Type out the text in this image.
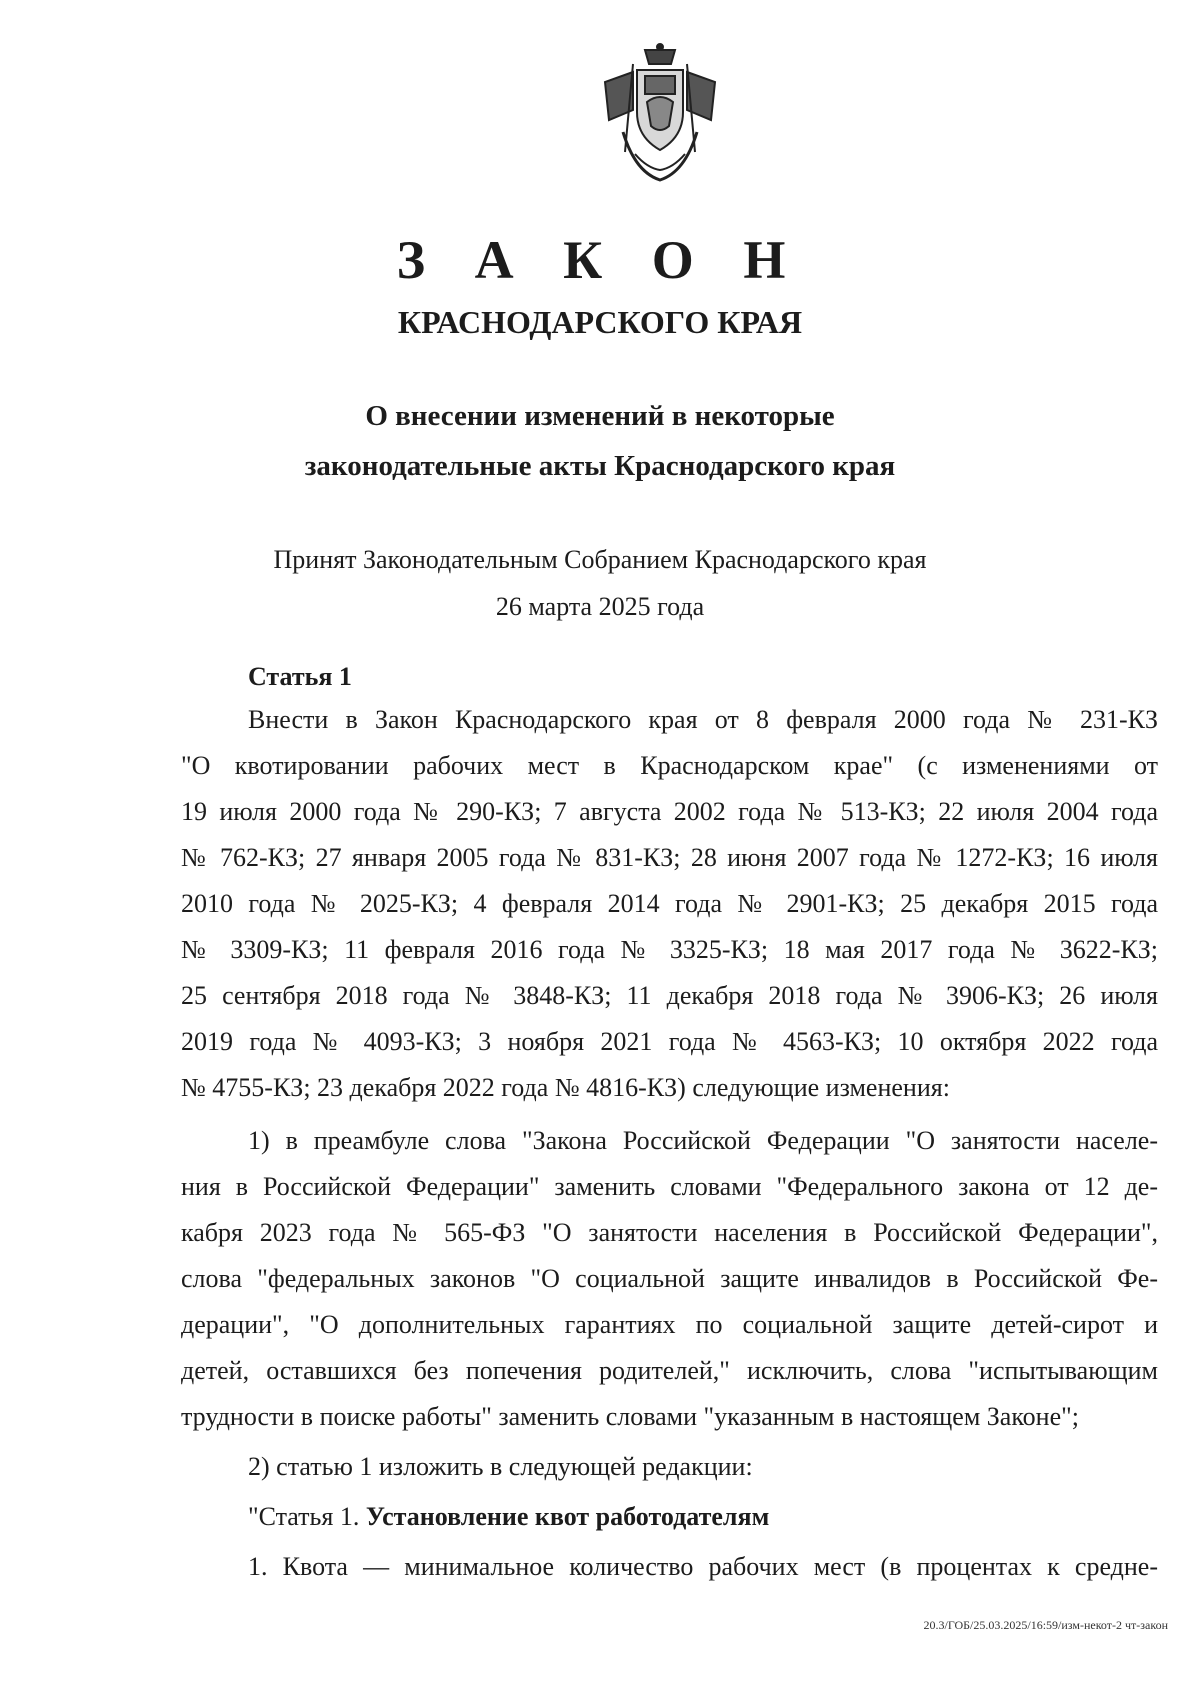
З А К О Н
КРАСНОДАРСКОГО КРАЯ
О внесении изменений в некоторые
законодательные акты Краснодарского края
Принят Законодательным Собранием Краснодарского края
26 марта 2025 года
Статья 1
Внести в Закон Краснодарского края от 8 февраля 2000 года № 231-КЗ
"О квотировании рабочих мест в Краснодарском крае" (с изменениями от
19 июля 2000 года № 290-КЗ; 7 августа 2002 года № 513-КЗ; 22 июля 2004 года
№ 762-КЗ; 27 января 2005 года № 831-КЗ; 28 июня 2007 года № 1272-КЗ; 16 июля
2010 года № 2025-КЗ; 4 февраля 2014 года № 2901-КЗ; 25 декабря 2015 года
№ 3309-КЗ; 11 февраля 2016 года № 3325-КЗ; 18 мая 2017 года № 3622-КЗ;
25 сентября 2018 года № 3848-КЗ; 11 декабря 2018 года № 3906-КЗ; 26 июля
2019 года № 4093-КЗ; 3 ноября 2021 года № 4563-КЗ; 10 октября 2022 года
№ 4755-КЗ; 23 декабря 2022 года № 4816-КЗ) следующие изменения:
1) в преамбуле слова "Закона Российской Федерации "О занятости населе-
ния в Российской Федерации" заменить словами "Федерального закона от 12 де-
кабря 2023 года № 565-ФЗ "О занятости населения в Российской Федерации",
слова "федеральных законов "О социальной защите инвалидов в Российской Фе-
дерации", "О дополнительных гарантиях по социальной защите детей-сирот и
детей, оставшихся без попечения родителей," исключить, слова "испытывающим
трудности в поиске работы" заменить словами "указанным в настоящем Законе";
2) статью 1 изложить в следующей редакции:
"Статья 1. Установление квот работодателям
1. Квота — минимальное количество рабочих мест (в процентах к средне-
20.3/ГОБ/25.03.2025/16:59/изм-некот-2 чт-закон
